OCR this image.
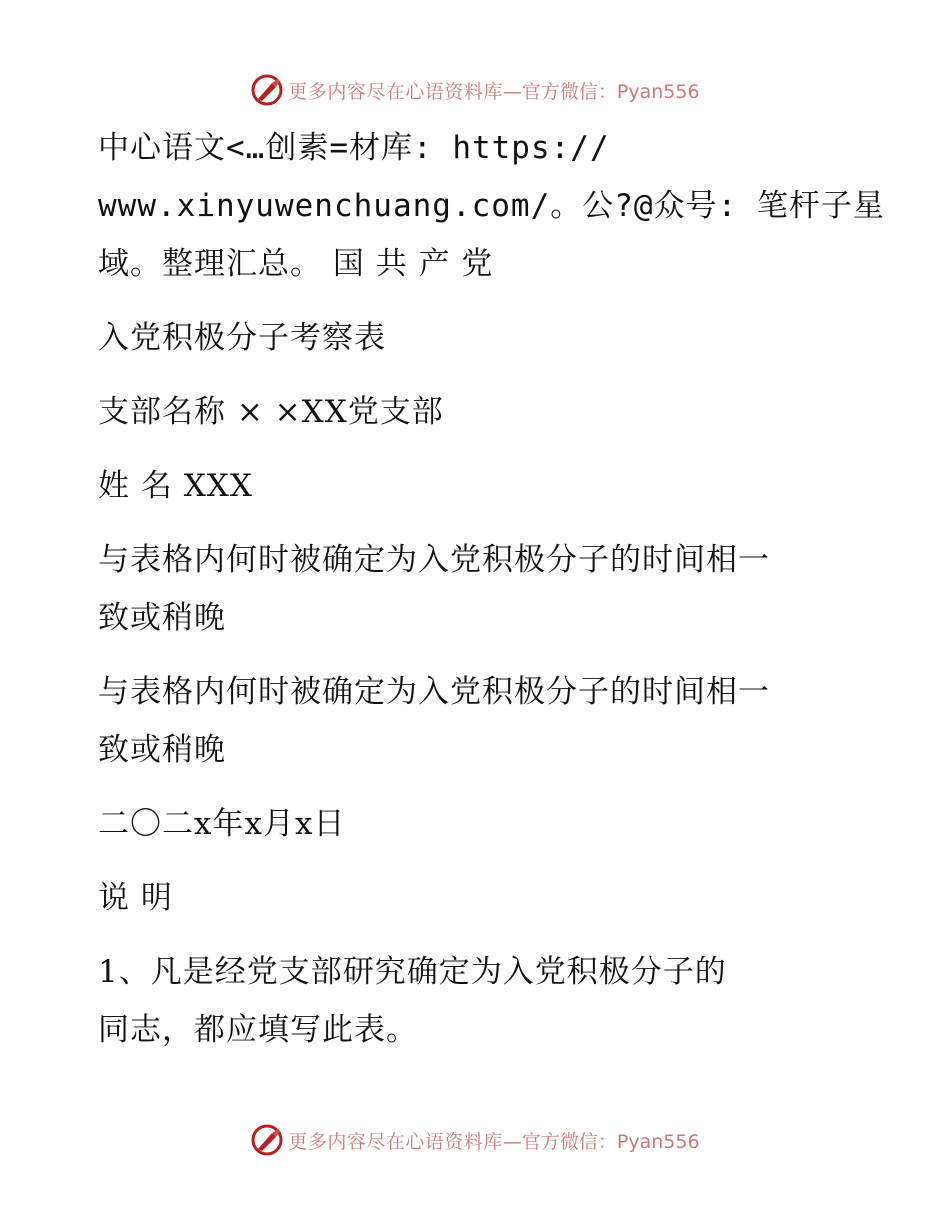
更多内容尽在心语资料库 —官方微信：Pyan556
中心语文<…创素=材库: https://
www.xinyuwenchuang.com/。公?@众号: 笔杆子星
域。整理汇总。 国 共 产 党
入党积极分子考察表
支部名称 × ×XX党支部
姓 名 XXX
与表格内何时被确定为入党积极分子的时间相一
致或稍晚
与表格内何时被确定为入党积极分子的时间相一
致或稍晚
二〇二x年x月x日
说 明
1、凡是经党支部研究确定为入党积极分子的
同志，都应填写此表。
更多内容尽在心语资料库 —官方微信：Pyan556
